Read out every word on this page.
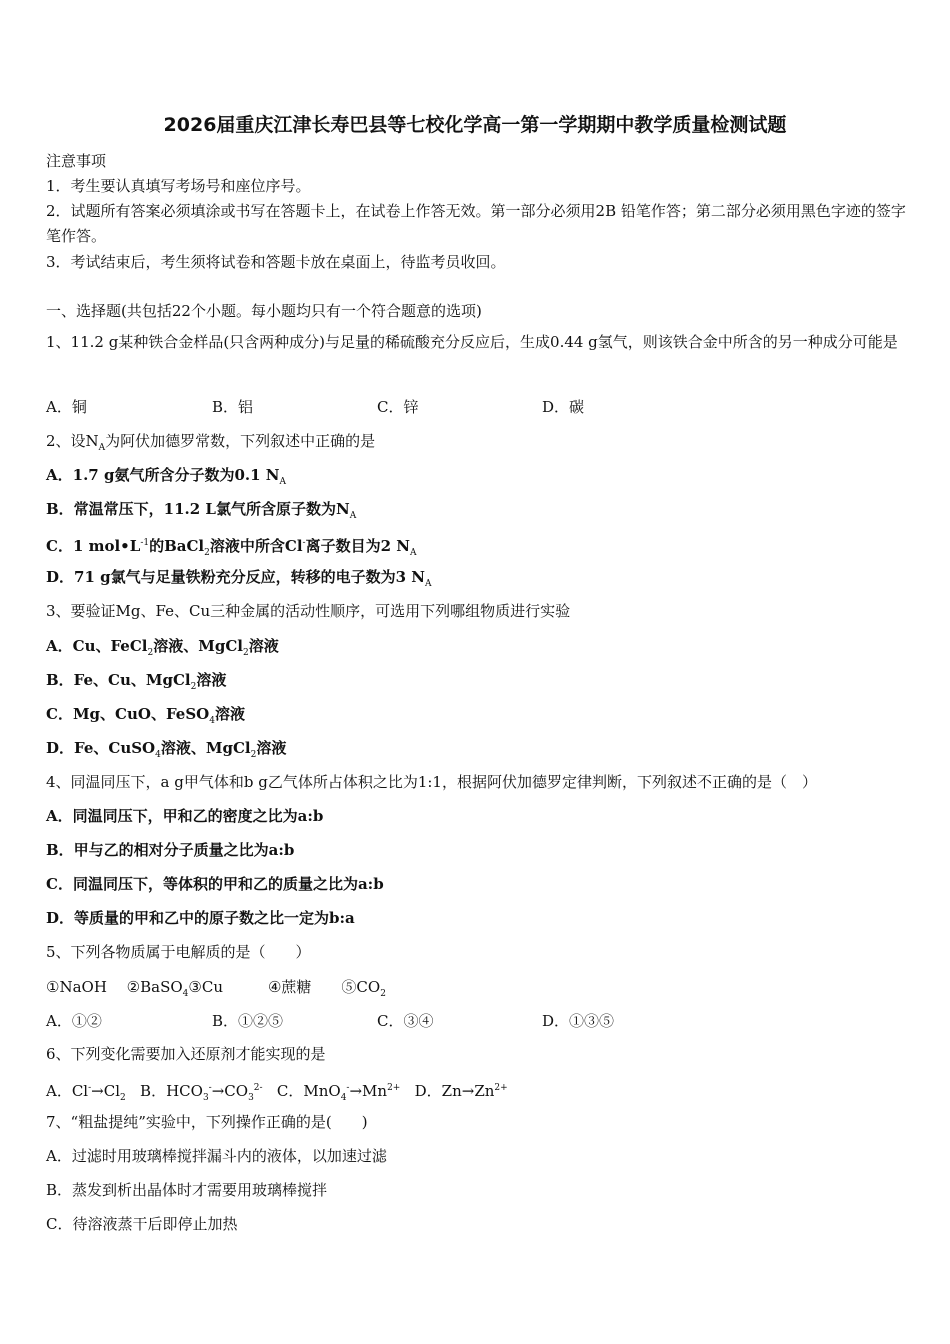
2026届重庆江津长寿巴县等七校化学高一第一学期期中教学质量检测试题
注意事项
1．考生要认真填写考场号和座位序号。
2．试题所有答案必须填涂或书写在答题卡上，在试卷上作答无效。第一部分必须用2B 铅笔作答；第二部分必须用黑色字迹的签字笔作答。
3．考试结束后，考生须将试卷和答题卡放在桌面上，待监考员收回。
一、选择题(共包括22个小题。每小题均只有一个符合题意的选项)
1、11.2 g某种铁合金样品(只含两种成分)与足量的稀硫酸充分反应后，生成0.44 g氢气，则该铁合金中所含的另一种成分可能是
A．铜	B．铝	C．锌	D．碳
2、设$N_A$为阿伏加德罗常数，下列叙述中正确的是
A．1.7 g氨气所含分子数为0.1 $N_A$
B．常温常压下，11.2 L氯气所含原子数为$N_A$
C．1 $mol•L^{-1}$的BaCl$_2$溶液中所含Cl-离子数目为2 $N_A$
D．71 g氯气与足量铁粉充分反应，转移的电子数为3 $N_A$
3、要验证Mg、Fe、Cu三种金属的活动性顺序，可选用下列哪组物质进行实验
A．Cu、FeCl$_2$溶液、MgCl$_2$溶液
B．Fe、Cu、MgCl$_2$溶液
C．Mg、CuO、FeSO$_4$溶液
D．Fe、CuSO$_4$溶液、MgCl$_2$溶液
4、同温同压下，a g甲气体和b g乙气体所占体积之比为1:1，根据阿伏加德罗定律判断，下列叙述不正确的是（　）
A．同温同压下，甲和乙的密度之比为a:b
B．甲与乙的相对分子质量之比为a:b
C．同温同压下，等体积的甲和乙的质量之比为a:b
D．等质量的甲和乙中的原子数之比一定为b:a
5、下列各物质属于电解质的是（　　）
①NaOH　 ②BaSO$_4$③Cu　　　④蔗糖　　$⑤CO_2$
A．①②	B．①②⑤	C．③④	D．①③⑤
6、下列变化需要加入还原剂才能实现的是
A．$Cl^-\to Cl_2$ B．$HCO_3^-\to CO_3^{2-}$ C．$MnO_4^-\to Mn^{2+}$ D．$Zn\to Zn^{2+}$
7、“粗盐提纯”实验中，下列操作正确的是(　　)
A．过滤时用玻璃棒搅拌漏斗内的液体，以加速过滤
B．蒸发到析出晶体时才需要用玻璃棒搅拌
C．待溶液蒸干后即停止加热
